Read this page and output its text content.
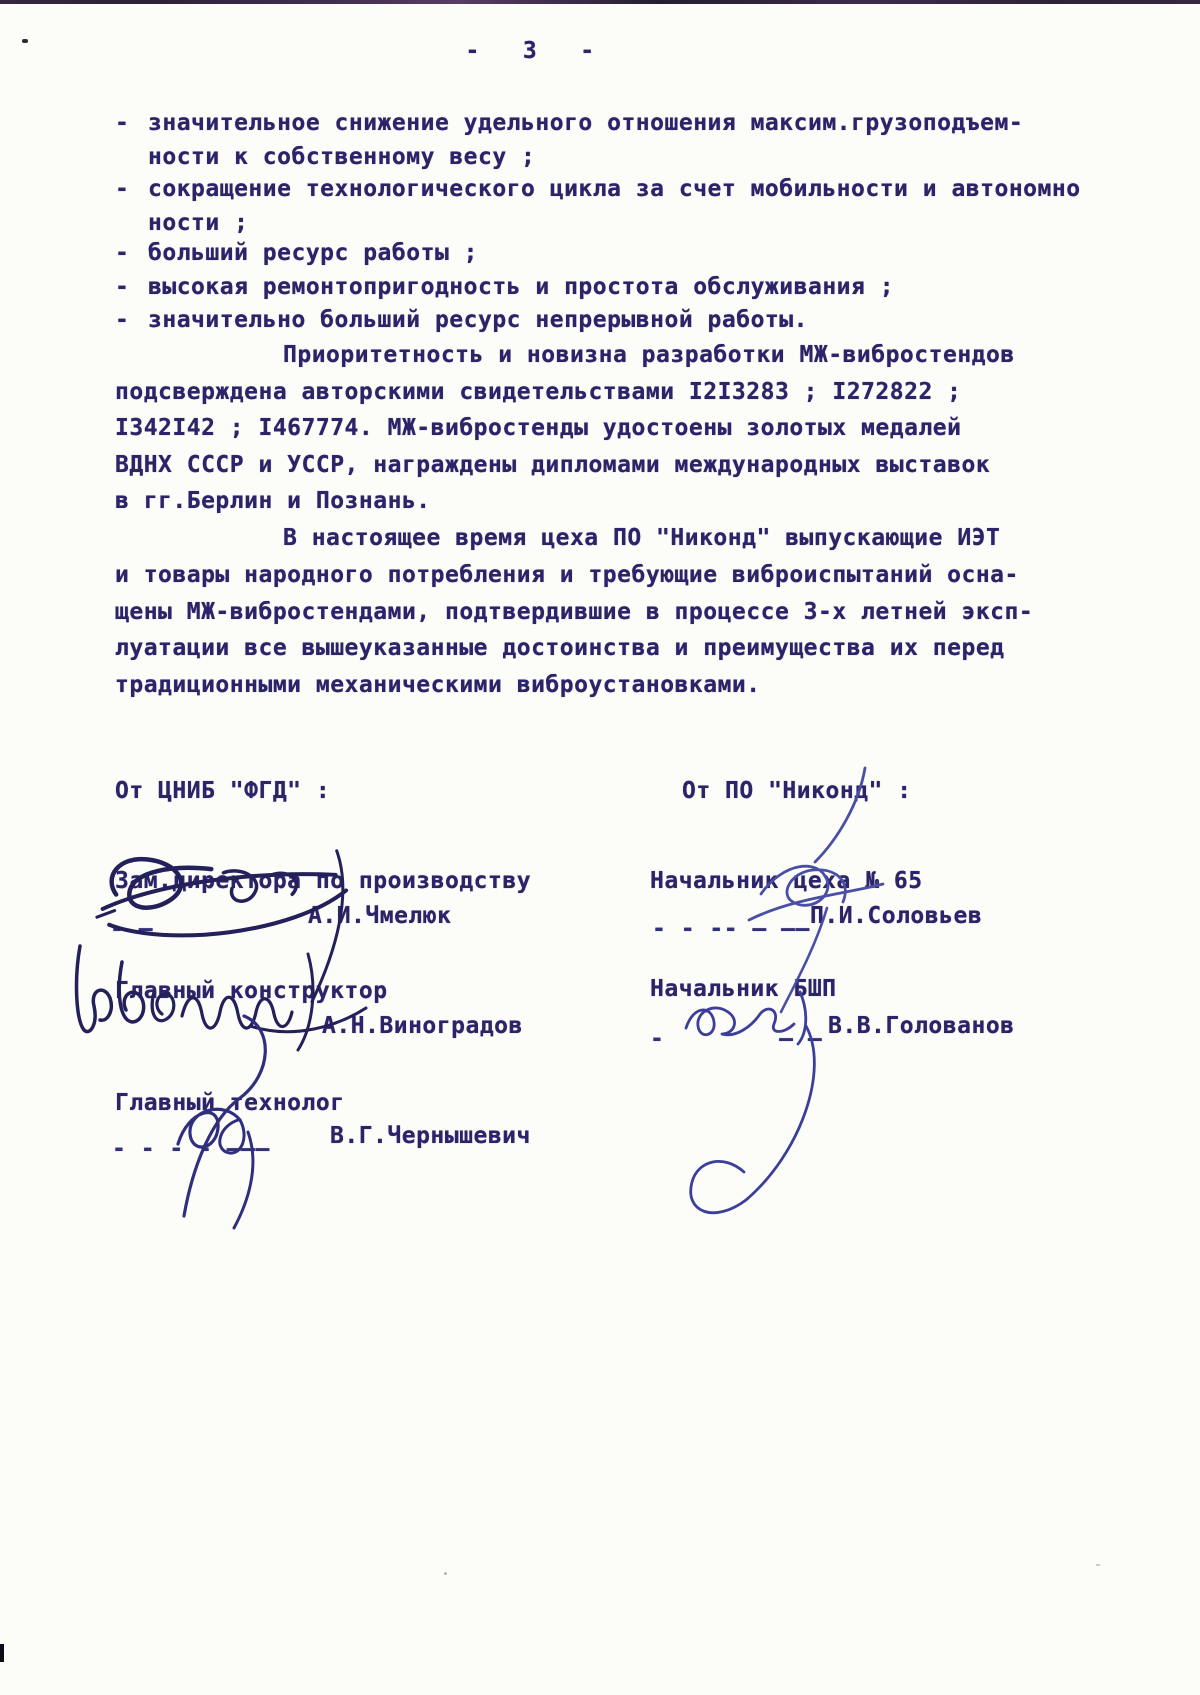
-   3   -
- значительное снижение удельного отношения максим.грузоподъем-
ности к собственному весу ;
- сокращение технологического цикла за счет мобильности и автономно
ности ;
- больший ресурс работы ;
- высокая ремонтопригодность и простота обслуживания ;
- значительно больший ресурс непрерывной работы.
Приоритетность и новизна разработки МЖ-вибростендов
подсверждена авторскими свидетельствами I2I3283 ; I272822 ;
I342I42 ; I467774. МЖ-вибростенды удостоены золотых медалей
ВДНХ СССР и УССР, награждены дипломами международных выставок
в гг.Берлин и Познань.
В настоящее время цеха ПО "Никонд" выпускающие ИЭТ
и товары народного потребления и требующие виброиспытаний осна-
щены МЖ-вибростендами, подтвердившие в процессе 3-х летней эксп-
луатации все вышеуказанные достоинства и преимущества их перед
традиционными механическими виброустановками.
От ЦНИБ "ФГД" :	От ПО "Никонд" :
Зам.директора по производству
- —	А.И.Чмелюк
Главный конструктор
А.Н.Виноградов
Главный технолог
- - - - ———	В.Г.Чернышевич
Начальник цеха № 65
- - -- — —— П.И.Соловьев
Начальник БШП
-        — — В.В.Голованов
